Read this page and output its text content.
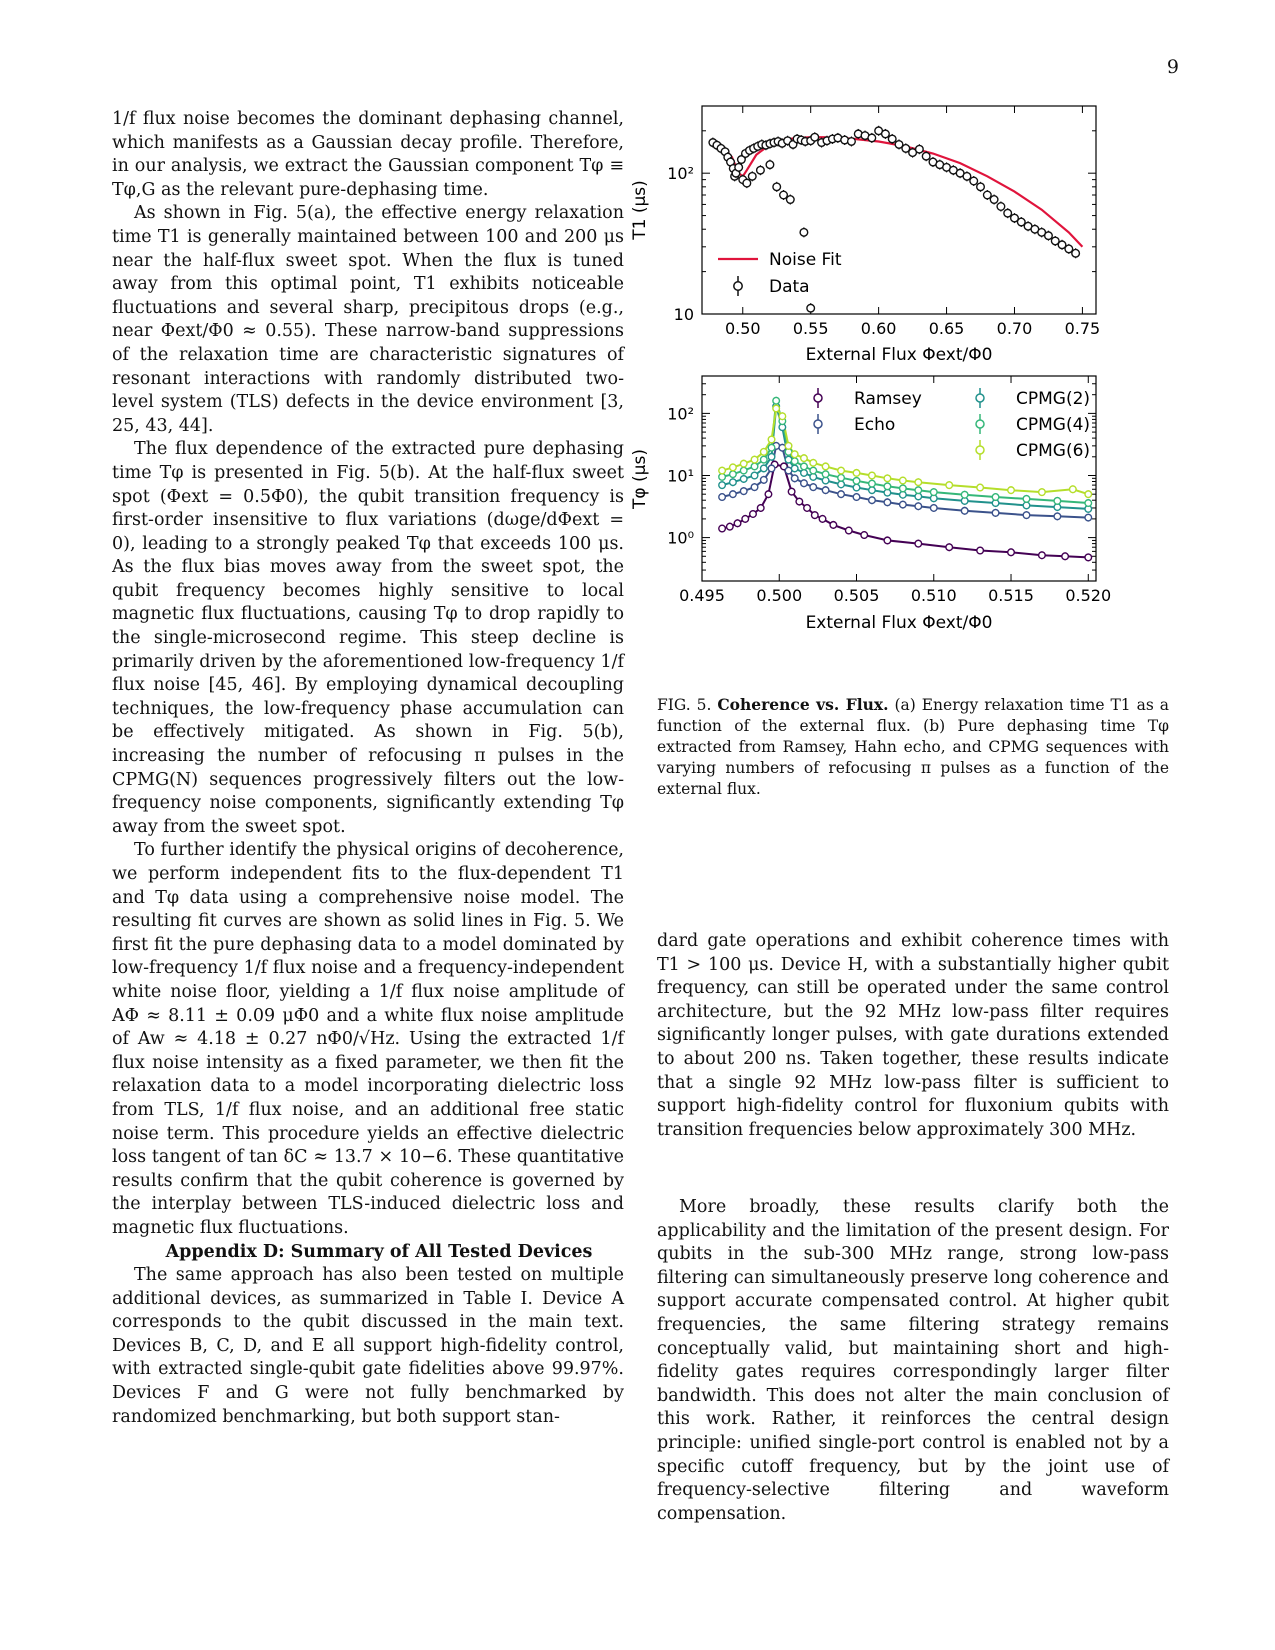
9

1/f flux noise becomes the dominant dephasing channel, which manifests as a Gaussian decay profile. Therefore, in our analysis, we extract the Gaussian component Tφ ≡ Tφ,G as the relevant pure-dephasing time.

As shown in Fig. 5(a), the effective energy relaxation time T1 is generally maintained between 100 and 200 μs near the half-flux sweet spot. When the flux is tuned away from this optimal point, T1 exhibits noticeable fluctuations and several sharp, precipitous drops (e.g., near Φext/Φ0 ≈ 0.55). These narrow-band suppressions of the relaxation time are characteristic signatures of resonant interactions with randomly distributed two-level system (TLS) defects in the device environment [3, 25, 43, 44].

The flux dependence of the extracted pure dephasing time Tφ is presented in Fig. 5(b). At the half-flux sweet spot (Φext = 0.5Φ0), the qubit transition frequency is first-order insensitive to flux variations (dωge/dΦext = 0), leading to a strongly peaked Tφ that exceeds 100 μs. As the flux bias moves away from the sweet spot, the qubit frequency becomes highly sensitive to local magnetic flux fluctuations, causing Tφ to drop rapidly to the single-microsecond regime. This steep decline is primarily driven by the aforementioned low-frequency 1/f flux noise [45, 46]. By employing dynamical decoupling techniques, the low-frequency phase accumulation can be effectively mitigated. As shown in Fig. 5(b), increasing the number of refocusing π pulses in the CPMG(N) sequences progressively filters out the low-frequency noise components, significantly extending Tφ away from the sweet spot.

To further identify the physical origins of decoherence, we perform independent fits to the flux-dependent T1 and Tφ data using a comprehensive noise model. The resulting fit curves are shown as solid lines in Fig. 5. We first fit the pure dephasing data to a model dominated by low-frequency 1/f flux noise and a frequency-independent white noise floor, yielding a 1/f flux noise amplitude of AΦ ≈ 8.11 ± 0.09 μΦ0 and a white flux noise amplitude of Aw ≈ 4.18 ± 0.27 nΦ0/√Hz. Using the extracted 1/f flux noise intensity as a fixed parameter, we then fit the relaxation data to a model incorporating dielectric loss from TLS, 1/f flux noise, and an additional free static noise term. This procedure yields an effective dielectric loss tangent of tan δC ≈ 13.7 × 10−6. These quantitative results confirm that the qubit coherence is governed by the interplay between TLS-induced dielectric loss and magnetic flux fluctuations.

Appendix D: Summary of All Tested Devices

The same approach has also been tested on multiple additional devices, as summarized in Table I. Device A corresponds to the qubit discussed in the main text. Devices B, C, D, and E all support high-fidelity control, with extracted single-qubit gate fidelities above 99.97%. Devices F and G were not fully benchmarked by randomized benchmarking, but both support stan-

0.50 0.55 0.60 0.65 0.70 0.75
10
10²
T1 (μs)
External Flux Φext/Φ0
Noise Fit
Data
0.495 0.500 0.505 0.510 0.515 0.520
10⁰
10¹
10²
Tφ (μs)
External Flux Φext/Φ0
Ramsey
Echo
CPMG(2)
CPMG(4)
CPMG(6)
FIG. 5. Coherence vs. Flux. (a) Energy relaxation time T1 as a function of the external flux. (b) Pure dephasing time Tφ extracted from Ramsey, Hahn echo, and CPMG sequences with varying numbers of refocusing π pulses as a function of the external flux.

dard gate operations and exhibit coherence times with T1 > 100 μs. Device H, with a substantially higher qubit frequency, can still be operated under the same control architecture, but the 92 MHz low-pass filter requires significantly longer pulses, with gate durations extended to about 200 ns. Taken together, these results indicate that a single 92 MHz low-pass filter is sufficient to support high-fidelity control for fluxonium qubits with transition frequencies below approximately 300 MHz.

More broadly, these results clarify both the applicability and the limitation of the present design. For qubits in the sub-300 MHz range, strong low-pass filtering can simultaneously preserve long coherence and support accurate compensated control. At higher qubit frequencies, the same filtering strategy remains conceptually valid, but maintaining short and high-fidelity gates requires correspondingly larger filter bandwidth. This does not alter the main conclusion of this work. Rather, it reinforces the central design principle: unified single-port control is enabled not by a specific cutoff frequency, but by the joint use of frequency-selective filtering and waveform compensation.
